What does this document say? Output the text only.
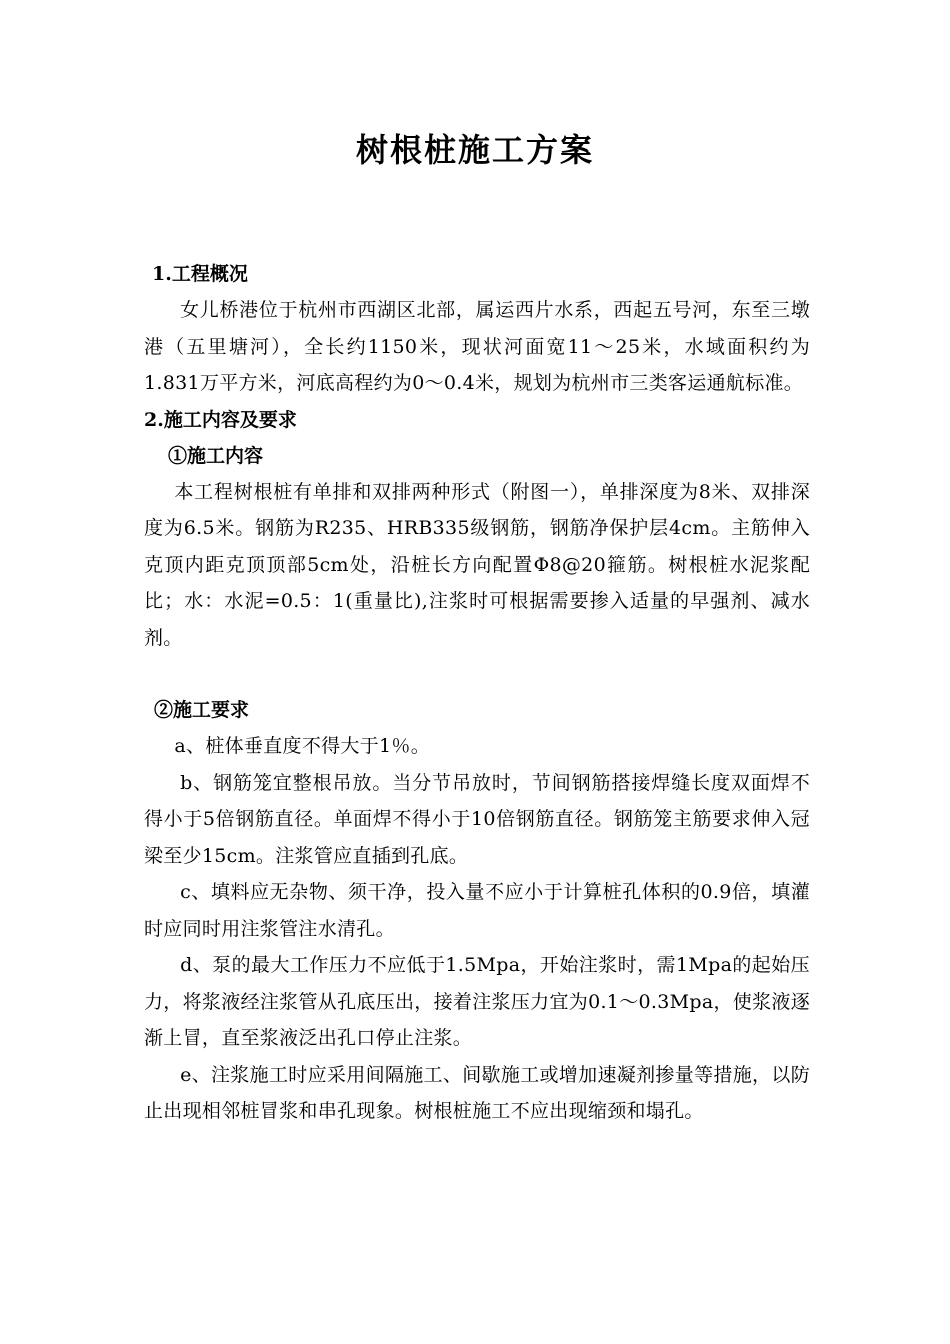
树根桩施工方案

1.工程概况

女儿桥港位于杭州市西湖区北部，属运西片水系，西起五号河，东至三墩港（五里塘河），全长约1150米，现状河面宽11～25米，水域面积约为1.831万平方米，河底高程约为0～0.4米，规划为杭州市三类客运通航标准。

2.施工内容及要求

①施工内容

本工程树根桩有单排和双排两种形式（附图一），单排深度为8米、双排深度为6.5米。钢筋为R235、HRB335级钢筋，钢筋净保护层4cm。主筋伸入克顶内距克顶顶部5cm处，沿桩长方向配置Φ8@20箍筋。树根桩水泥浆配比；水：水泥=0.5：1(重量比),注浆时可根据需要掺入适量的早强剂、减水剂。

②施工要求

a、桩体垂直度不得大于1％。

b、钢筋笼宜整根吊放。当分节吊放时，节间钢筋搭接焊缝长度双面焊不得小于5倍钢筋直径。单面焊不得小于10倍钢筋直径。钢筋笼主筋要求伸入冠梁至少15cm。注浆管应直插到孔底。

c、填料应无杂物、须干净，投入量不应小于计算桩孔体积的0.9倍，填灌时应同时用注浆管注水清孔。

d、泵的最大工作压力不应低于1.5Mpa，开始注浆时，需1Mpa的起始压力，将浆液经注浆管从孔底压出，接着注浆压力宜为0.1～0.3Mpa，使浆液逐渐上冒，直至浆液泛出孔口停止注浆。

e、注浆施工时应采用间隔施工、间歇施工或增加速凝剂掺量等措施，以防止出现相邻桩冒浆和串孔现象。树根桩施工不应出现缩颈和塌孔。
